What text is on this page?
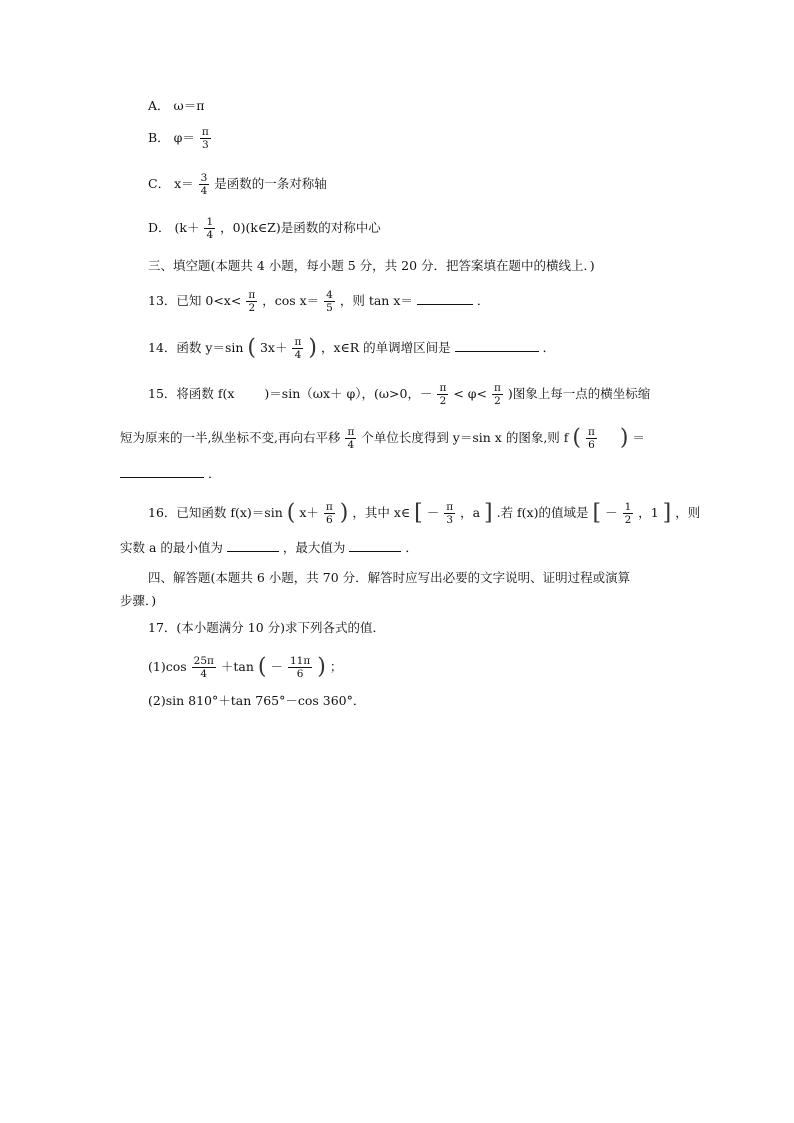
A． ω＝π
B． $\varphi= \frac{\pi}{3}$
C． $x= \frac{3}{4}$ 是函数的一条对称轴
D． ($k+ \frac{1}{4}$ ，0)(k∈Z)是函数的对称中心
三、填空题(本题共 4 小题，每小题 5 分，共 20 分．把答案填在题中的横线上．)
13．已知 $0<x< \frac{\pi}{2}$ ，$\cos x= \frac{4}{5}$ ，则 tan x＝	．
14．函数 y＝sin ( $3x+ \frac{\pi}{4}$ ) ，x∈R 的单调增区间是	．
15．将函数 f(x )＝sin（ωx＋ φ），(ω>0，－ $\frac{\pi}{2} < \varphi< \frac{\pi}{2}$ )图象上每一点的横坐标缩
短为原来的一半,纵坐标不变,再向右平移 $\frac{\pi}{4}$ 个单位长度得到 y＝sin x 的图象,则 f ( $\frac{\pi}{6}$ ) ＝
．
16．已知函数 f(x)＝sin ( $x+ \frac{\pi}{6}$ ) ，其中 x∈ [ － $\frac{\pi}{3}$ ，a ] .若 f(x)的值域是 [ － $\frac{1}{2}$ ，1 ] ，则
实数 a 的最小值为	，最大值为	．
四、解答题(本题共 6 小题，共 70 分．解答时应写出必要的文字说明、证明过程或演算
步骤．)
17．(本小题满分 10 分)求下列各式的值．
$(1)\cos \frac{25\pi}{4} +\tan$ ( － $\frac{11\pi}{6}$ ) ；
(2)sin 810°＋tan 765°－cos 360°．
